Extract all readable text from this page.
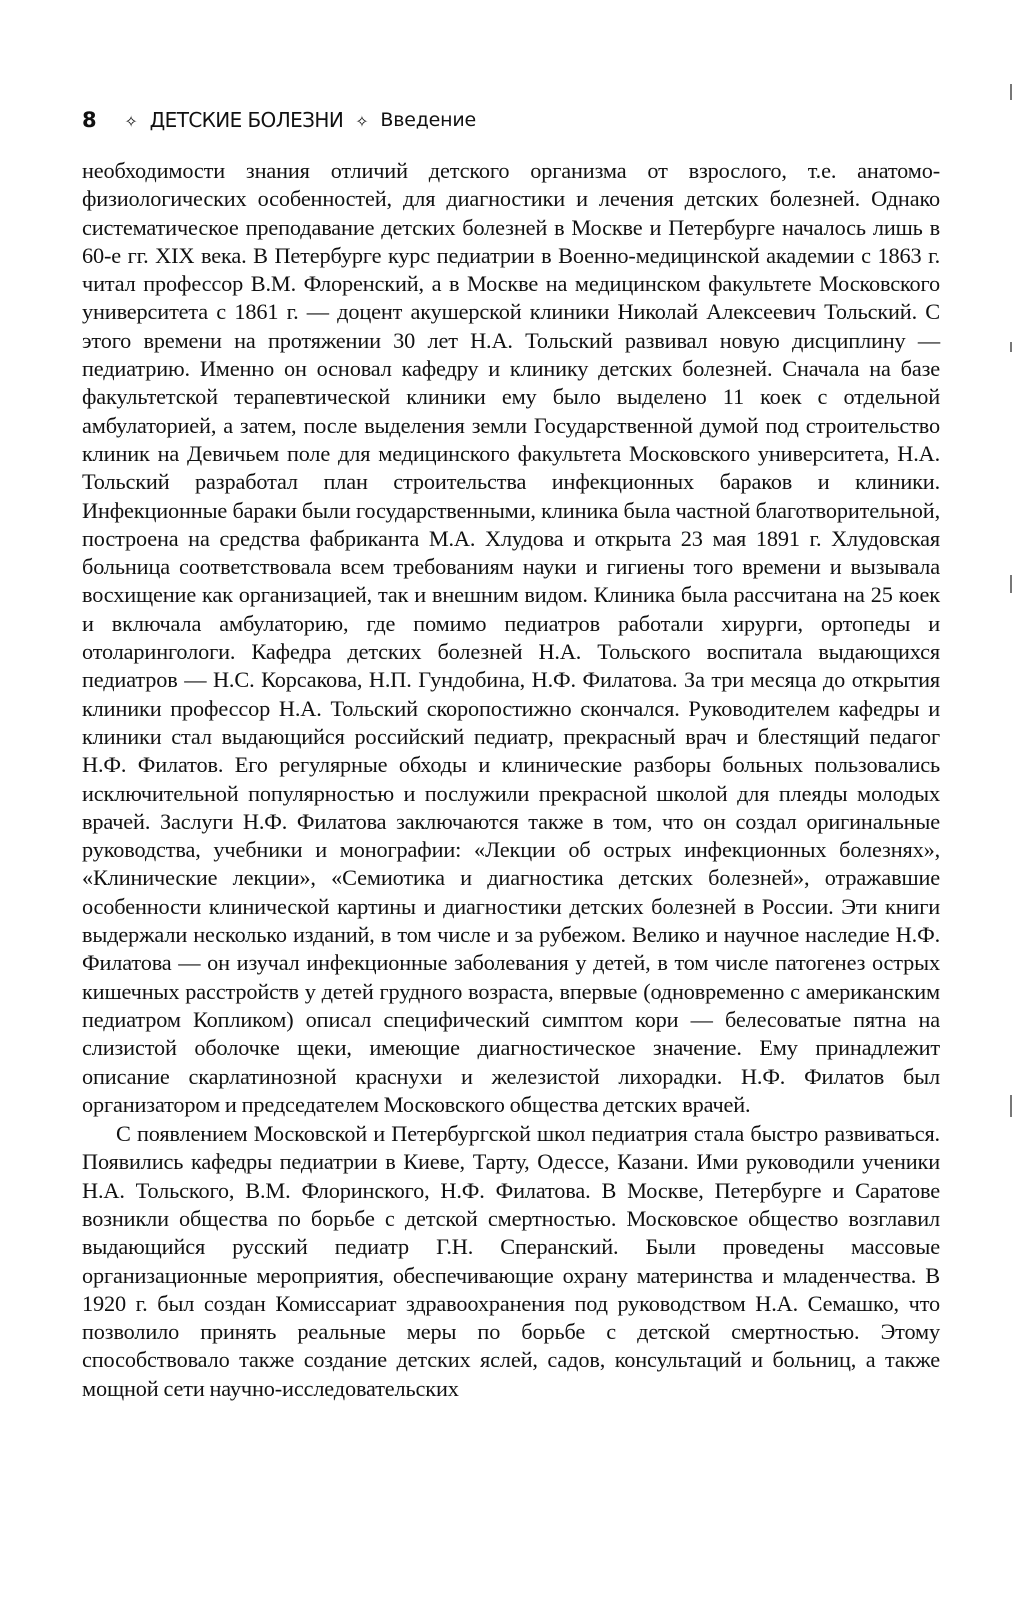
8 ✧ ДЕТСКИЕ БОЛЕЗНИ ✧ Введение

необходимости знания отличий детского организма от взрослого, т.е. анатомо-физиологических особенностей, для диагностики и лечения детских болезней. Однако систематическое преподавание детских болезней в Москве и Петербурге началось лишь в 60-е гг. XIX века. В Петербурге курс педиатрии в Военно-медицинской академии с 1863 г. читал профессор В.М. Флоренский, а в Москве на медицинском факультете Московского университета с 1861 г. — доцент акушерской клиники Николай Алексеевич Тольский. С этого времени на протяжении 30 лет Н.А. Тольский развивал новую дисциплину — педиатрию. Именно он основал кафедру и клинику детских болезней. Сначала на базе факультетской терапевтической клиники ему было выделено 11 коек с отдельной амбулаторией, а затем, после выделения земли Государственной думой под строительство клиник на Девичьем поле для медицинского факультета Московского университета, Н.А. Тольский разработал план строительства инфекционных бараков и клиники. Инфекционные бараки были государственными, клиника была частной благотворительной, построена на средства фабриканта М.А. Хлудова и открыта 23 мая 1891 г. Хлудовская больница соответствовала всем требованиям науки и гигиены того времени и вызывала восхищение как организацией, так и внешним видом. Клиника была рассчитана на 25 коек и включала амбулаторию, где помимо педиатров работали хирурги, ортопеды и отоларингологи. Кафедра детских болезней Н.А. Тольского воспитала выдающихся педиатров — Н.С. Корсакова, Н.П. Гундобина, Н.Ф. Филатова. За три месяца до открытия клиники профессор Н.А. Тольский скоропостижно скончался. Руководителем кафедры и клиники стал выдающийся российский педиатр, прекрасный врач и блестящий педагог Н.Ф. Филатов. Его регулярные обходы и клинические разборы больных пользовались исключительной популярностью и послужили прекрасной школой для плеяды молодых врачей. Заслуги Н.Ф. Филатова заключаются также в том, что он создал оригинальные руководства, учебники и монографии: «Лекции об острых инфекционных болезнях», «Клинические лекции», «Семиотика и диагностика детских болезней», отражавшие особенности клинической картины и диагностики детских болезней в России. Эти книги выдержали несколько изданий, в том числе и за рубежом. Велико и научное наследие Н.Ф. Филатова — он изучал инфекционные заболевания у детей, в том числе патогенез острых кишечных расстройств у детей грудного возраста, впервые (одновременно с американским педиатром Копликом) описал специфический симптом кори — белесоватые пятна на слизистой оболочке щеки, имеющие диагностическое значение. Ему принадлежит описание скарлатинозной краснухи и железистой лихорадки. Н.Ф. Филатов был организатором и председателем Московского общества детских врачей.

С появлением Московской и Петербургской школ педиатрия стала быстро развиваться. Появились кафедры педиатрии в Киеве, Тарту, Одессе, Казани. Ими руководили ученики Н.А. Тольского, В.М. Флоринского, Н.Ф. Филатова. В Москве, Петербурге и Саратове возникли общества по борьбе с детской смертностью. Московское общество возглавил выдающийся русский педиатр Г.Н. Сперанский. Были проведены массовые организационные мероприятия, обеспечивающие охрану материнства и младенчества. В 1920 г. был создан Комиссариат здравоохранения под руководством Н.А. Семашко, что позволило принять реальные меры по борьбе с детской смертностью. Этому способствовало также создание детских яслей, садов, консультаций и больниц, а также мощной сети научно-исследовательских
